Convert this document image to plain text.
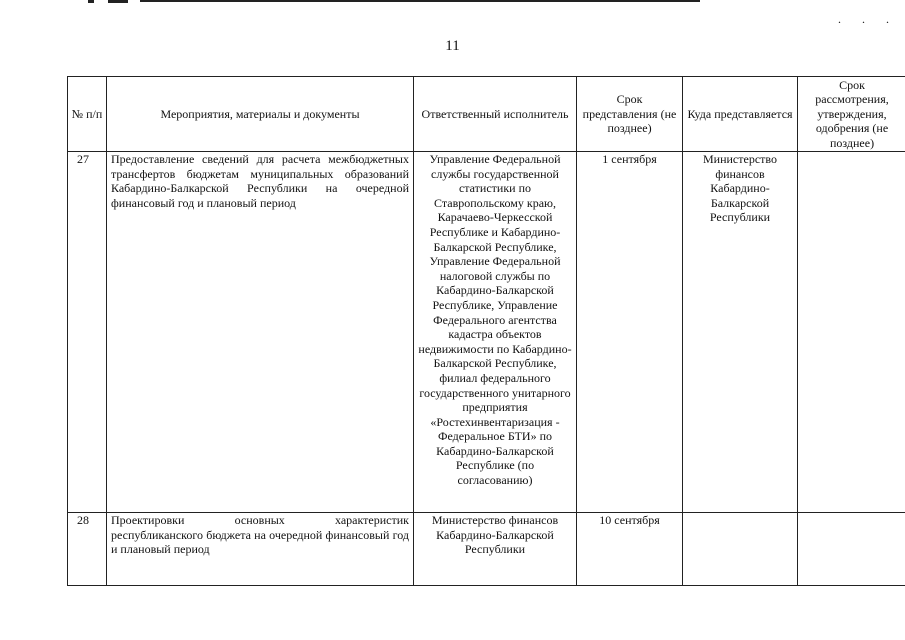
. . .
11
№ п/п	Мероприятия, материалы и документы	Ответственный исполнитель	Срок представления (не позднее)	Куда представляется	Срок рассмотрения, утверждения, одобрения (не позднее)
27	Предоставление сведений для расчета межбюджетных трансфертов бюджетам муниципальных образований Кабардино-Балкарской Республики на очередной финансовый год и плановый период	Управление Федеральной службы государственной статистики по Ставропольскому краю, Карачаево-Черкесской Республике и Кабардино-Балкарской Республике, Управление Федеральной налоговой службы по Кабардино-Балкарской Республике, Управление Федерального агентства кадастра объектов недвижимости по Кабардино-Балкарской Республике, филиал федерального государственного унитарного предприятия «Ростехинвентаризация - Федеральное БТИ» по Кабардино-Балкарской Республике (по согласованию)	1 сентября	Министерство финансов Кабардино-Балкарской Республики	
28	Проектировки основных характеристик республиканского бюджета на очередной финансовый год и плановый период	Министерство финансов Кабардино-Балкарской Республики	10 сентября		
